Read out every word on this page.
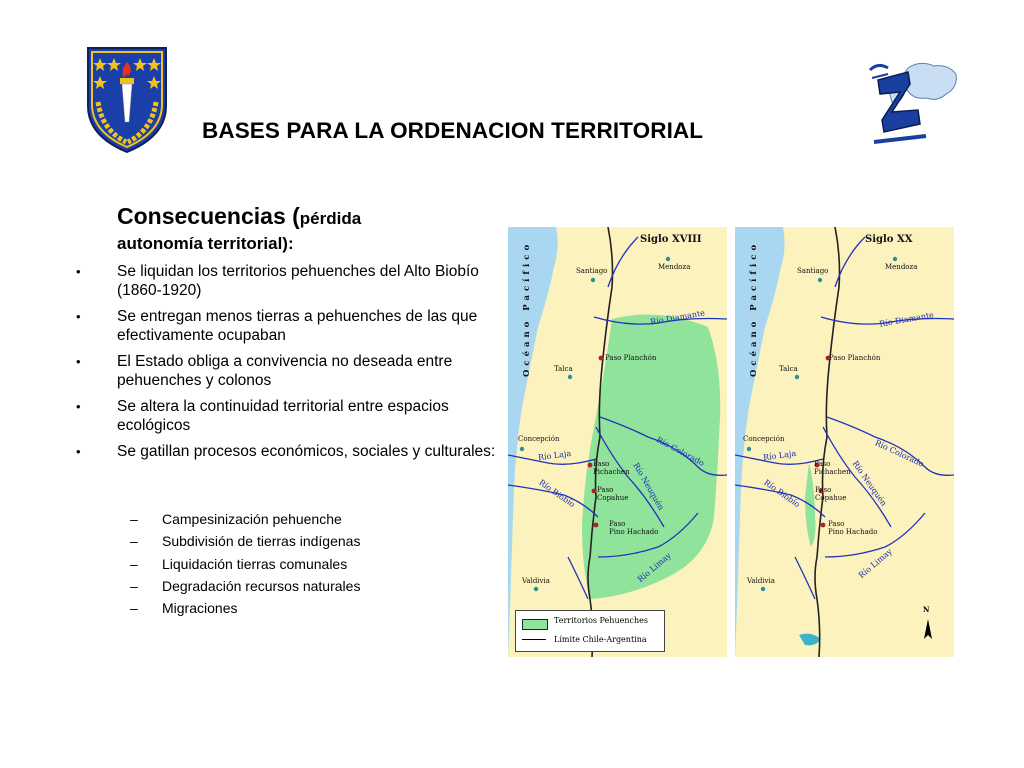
BASES PARA LA ORDENACION TERRITORIAL
Consecuencias (pérdida
autonomía territorial):
• Se liquidan los territorios pehuenches del Alto Biobío (1860-1920)
• Se entregan menos tierras a pehuenches de las que efectivamente ocupaban
• El Estado obliga a convivencia no deseada entre pehuenches y colonos
• Se altera la continuidad territorial entre espacios ecológicos
• Se gatillan procesos económicos, sociales y culturales:
– Campesinización pehuenche
– Subdivisión de tierras indígenas
– Liquidación tierras comunales
– Degradación recursos naturales
– Migraciones
Siglo XVIII
Océano Pacífico	Santiago	Mendoza
Talca
Concepción
Valdivia
Paso Planchón
Paso
Pichachen
Paso
Copahue
Paso
Pino Hachado
Río Diamante
Río Colorado
Río Laja
Río Biobío	Río Neuquén
Río Limay
Territorios Pehuenches
Límite Chile-Argentina
Siglo XX
Océano Pacífico	Santiago	Mendoza
Talca
Concepción
Valdivia
Paso Planchón
Paso
Pichachen
Paso
Copahue
Paso
Pino Hachado
Río Diamante
Río Colorado
Río Laja
Río Biobío	Río Neuquén
Río Limay
N
